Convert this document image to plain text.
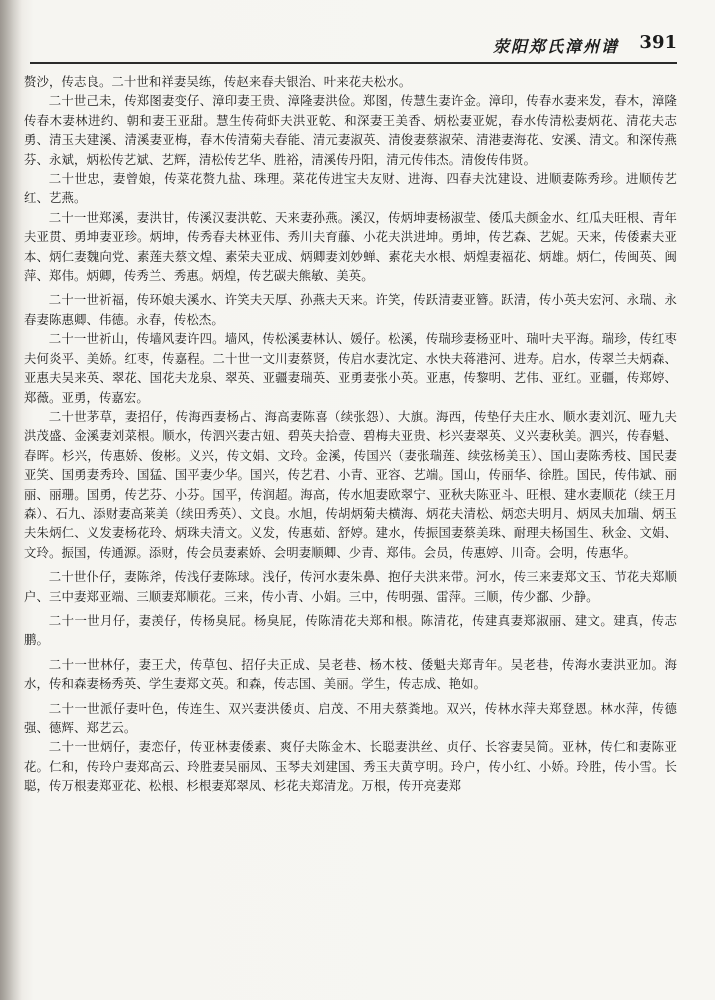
荥阳郑氏漳州谱 391

赘沙，传志良。二十世和祥妻吴练，传赵来春夫银治、叶来花夫松水。

二十世己未，传郑图妻变仔、漳印妻王贵、漳隆妻洪俭。郑图，传慧生妻许金。漳印，传春水妻来发，春木，漳隆传春木妻林进约、朝和妻王亚甜。慧生传荷虾夫洪亚乾、和深妻王美香、炳松妻亚妮，春水传清松妻炳花、清花夫志勇、清玉夫建溪、清溪妻亚梅，春木传清菊夫春能、清元妻淑英、清俊妻蔡淑荣、清港妻海花、安溪、清文。和深传燕芬、永斌，炳松传艺斌、艺辉，清松传艺华、胜裕，清溪传丹阳，清元传伟杰。清俊传伟贤。

二十世忠，妻曾娘，传菜花赘九盐、珠理。菜花传进宝夫友财、进海、四春夫沈建设、进顺妻陈秀珍。进顺传艺红、艺燕。

二十一世郑溪，妻洪甘，传溪汉妻洪乾、天来妻孙燕。溪汉，传炳坤妻杨淑莹、倭瓜夫颜金水、红瓜夫旺根、青年夫亚贯、勇坤妻亚珍。炳坤，传秀春夫林亚伟、秀川夫育藤、小花夫洪进坤。勇坤，传艺森、艺妮。天来，传倭素夫亚本、炳仁妻魏向党、素莲夫蔡文煌、素荣夫亚成、炳卿妻刘妙蝉、素花夫水根、炳煌妻福花、炳雄。炳仁，传闽英、闽萍、郑伟。炳卿，传秀兰、秀惠。炳煌，传艺碳夫熊敏、美英。

二十一世祈福，传环娘夫溪水、许笑夫天厚、孙燕夫天来。许笑，传跃清妻亚簪。跃清，传小英夫宏河、永瑞、永春妻陈惠卿、伟德。永春，传松杰。

二十一世祈山，传墙风妻许四。墙风，传松溪妻林认、媛仔。松溪，传瑞珍妻杨亚叶、瑞叶夫平海。瑞珍，传红枣夫何炎平、美娇。红枣，传嘉程。二十世一文川妻蔡贤，传启水妻沈定、水快夫蒋港河、进寿。启水，传翠兰夫炳森、亚惠夫吴来英、翠花、国花夫龙泉、翠英、亚疆妻瑞英、亚勇妻张小英。亚惠，传黎明、艺伟、亚红。亚疆，传郑婷、郑薇。亚勇，传嘉宏。

二十世茅草，妻招仔，传海西妻杨占、海高妻陈喜（续张怨）、大旗。海西，传垫仔夫庄水、顺水妻刘沉、哑九夫洪茂盛、金溪妻刘菜根。顺水，传泗兴妻古妞、碧英夫拾壹、碧梅夫亚贵、杉兴妻翠英、义兴妻秋美。泗兴，传春魁、春晖。杉兴，传惠娇、俊彬。义兴，传文娟、文玲。金溪，传国兴（妻张瑞莲、续弦杨美玉）、国山妻陈秀枝、国民妻亚笑、国勇妻秀玲、国猛、国平妻少华。国兴，传艺君、小青、亚容、艺端。国山，传丽华、徐胜。国民，传伟斌、丽丽、丽珊。国勇，传艺芬、小芬。国平，传润超。海高，传水旭妻欧翠宁、亚秋夫陈亚斗、旺根、建水妻顺花（续王月森）、石九、添财妻高莱美（续田秀英）、文良。水旭，传胡炳菊夫横海、炳花夫清松、炳恋夫明月、炳凤夫加瑞、炳玉夫朱炳仁、义发妻杨花玲、炳珠夫清文。义发，传惠茹、舒婷。建水，传振国妻蔡美珠、耐理夫杨国生、秋金、文娟、文玲。振国，传通源。添财，传会员妻素娇、会明妻顺卿、少青、郑伟。会员，传惠婷、川奇。会明，传惠华。

二十世仆仔，妻陈斧，传浅仔妻陈球。浅仔，传河水妻朱鼻、抱仔夫洪来带。河水，传三来妻郑文玉、节花夫郑顺户、三中妻郑亚端、三顺妻郑顺花。三来，传小青、小娟。三中，传明强、雷萍。三顺，传少鄱、少静。

二十一世月仔，妻羡仔，传杨臭屁。杨臭屁，传陈清花夫郑和根。陈清花，传建真妻郑淑丽、建文。建真，传志鹏。

二十一世林仔，妻王犬，传草包、招仔夫正成、吴老巷、杨木枝、倭魁夫郑青年。吴老巷，传海水妻洪亚加。海水，传和森妻杨秀英、学生妻郑文英。和森，传志国、美丽。学生，传志成、艳如。

二十一世派仔妻叶色，传连生、双兴妻洪倭贞、启茂、不用夫蔡粪地。双兴，传林水萍夫郑登恩。林水萍，传德强、德辉、郑艺云。

二十一世炳仔，妻恋仔，传亚林妻倭素、爽仔夫陈金木、长聪妻洪丝、贞仔、长容妻吴简。亚林，传仁和妻陈亚花。仁和，传玲户妻郑高云、玲胜妻吴丽凤、玉琴夫刘建国、秀玉夫黄亨明。玲户，传小红、小娇。玲胜，传小雪。长聪，传万根妻郑亚花、松根、杉根妻郑翠凤、杉花夫郑清龙。万根，传开亮妻郑
